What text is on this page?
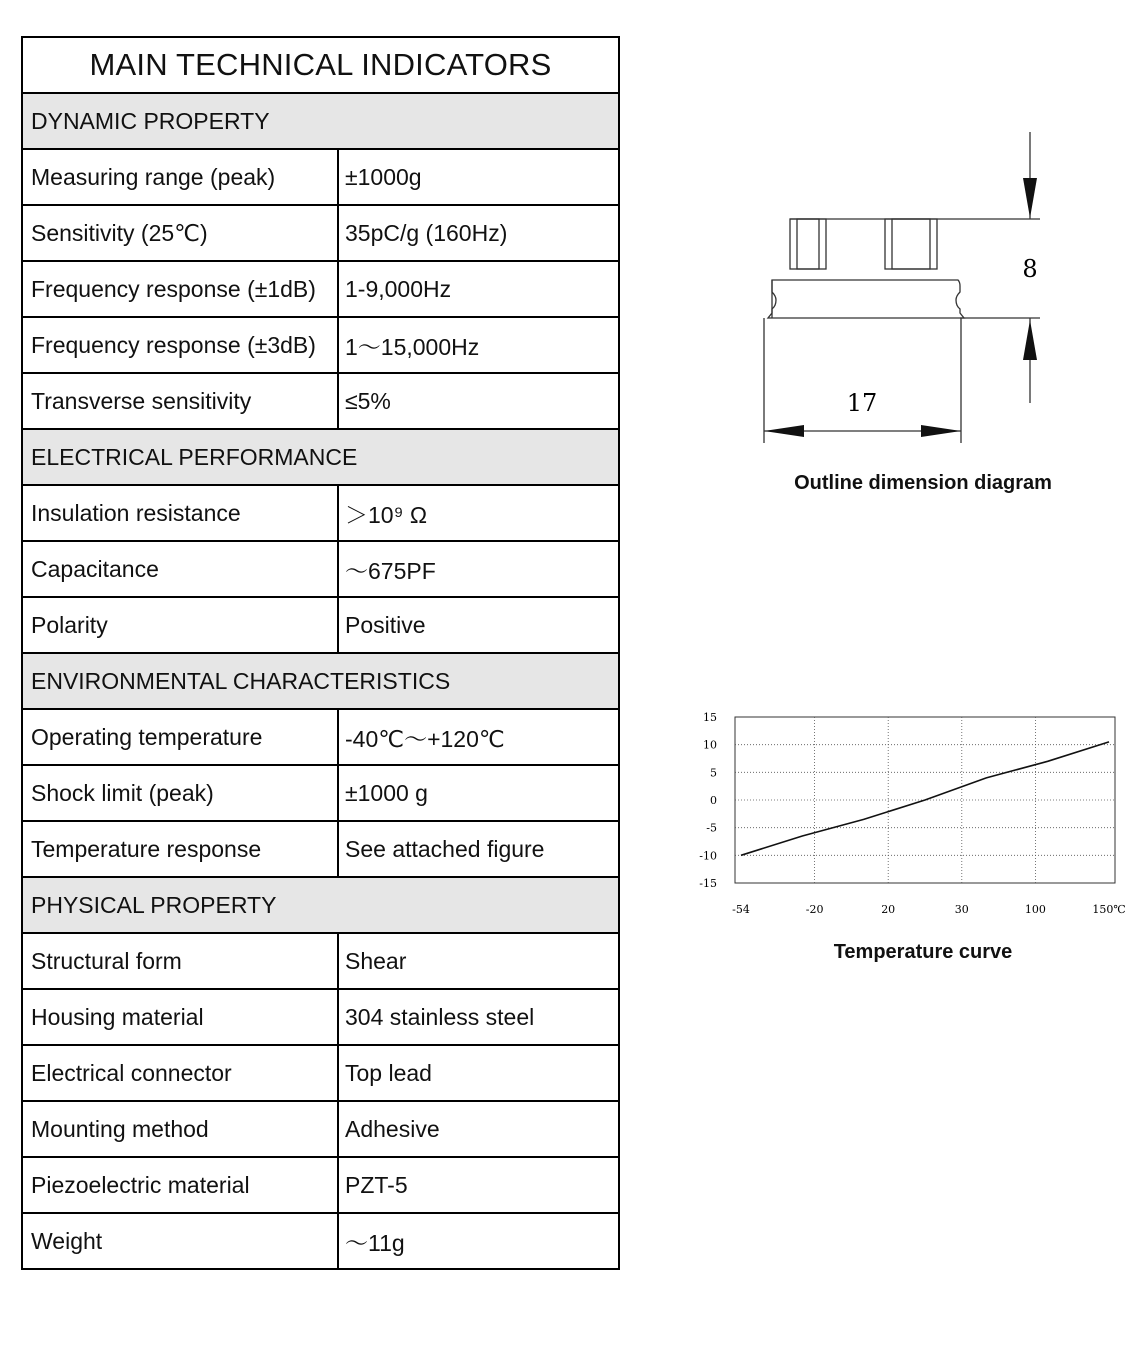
MAIN TECHNICAL INDICATORS	
DYNAMIC PROPERTY	
Measuring range (peak)	±1000g
Sensitivity (25℃)	35pC/g (160Hz)
Frequency response (±1dB)	1-9,000Hz
Frequency response (±3dB)	1～15,000Hz
Transverse sensitivity	≤5%
ELECTRICAL PERFORMANCE	
Insulation resistance	＞10⁹ Ω
Capacitance	～675PF
Polarity	Positive
ENVIRONMENTAL CHARACTERISTICS	
Operating temperature	-40℃～+120℃
Shock limit (peak)	±1000 g
Temperature response	See attached figure
PHYSICAL PROPERTY	
Structural form	Shear
Housing material	304 stainless steel
Electrical connector	Top lead
Mounting method	Adhesive
Piezoelectric material	PZT-5
Weight	～11g
8
17
Outline dimension diagram
15
10
5
0
-5
-10
-15
-54	-20	20	30	100	150℃
Temperature curve
